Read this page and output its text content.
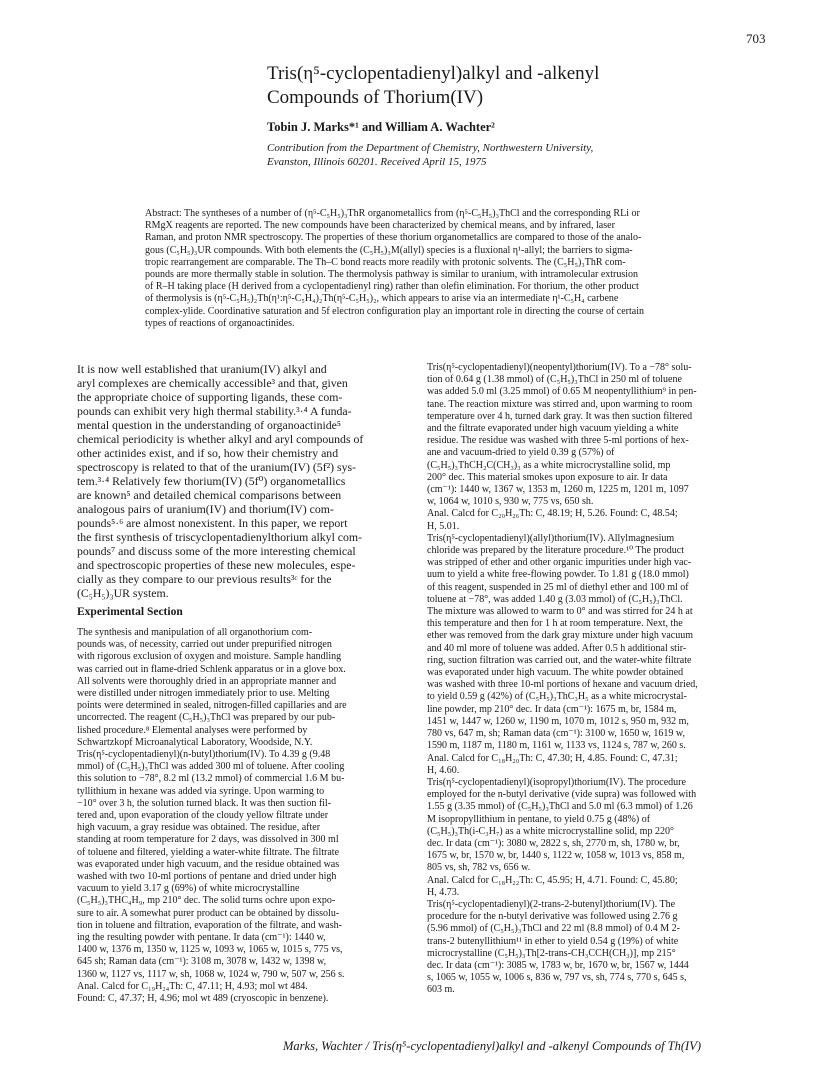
703
Tris(η⁵-cyclopentadienyl)alkyl and -alkenyl
Compounds of Thorium(IV)
Tobin J. Marks*¹ and William A. Wachter²
Contribution from the Department of Chemistry, Northwestern University,
Evanston, Illinois 60201. Received April 15, 1975
Abstract: The syntheses of a number of (η⁵-C₅H₅)₃ThR organometallics from (η⁵-C₅H₅)₃ThCl and the corresponding RLi or
RMgX reagents are reported. The new compounds have been characterized by chemical means, and by infrared, laser
Raman, and proton NMR spectroscopy. The properties of these thorium organometallics are compared to those of the analo-
gous (C₅H₅)₃UR compounds. With both elements the (C₅H₅)₃M(allyl) species is a fluxional η¹-allyl; the barriers to sigma-
tropic rearrangement are comparable. The Th–C bond reacts more readily with protonic solvents. The (C₅H₅)₃ThR com-
pounds are more thermally stable in solution. The thermolysis pathway is similar to uranium, with intramolecular extrusion
of R–H taking place (H derived from a cyclopentadienyl ring) rather than olefin elimination. For thorium, the other product
of thermolysis is (η⁵-C₅H₅)₂Th(η¹:η⁵-C₅H₄)₂Th(η⁵-C₅H₅)₂, which appears to arise via an intermediate η¹-C₅H₄ carbene
complex-ylide. Coordinative saturation and 5f electron configuration play an important role in directing the course of certain
types of reactions of organoactinides.
It is now well established that uranium(IV) alkyl and
aryl complexes are chemically accessible³ and that, given
the appropriate choice of supporting ligands, these com-
pounds can exhibit very high thermal stability.³·⁴ A funda-
mental question in the understanding of organoactinide⁵
chemical periodicity is whether alkyl and aryl compounds of
other actinides exist, and if so, how their chemistry and
spectroscopy is related to that of the uranium(IV) (5f²) sys-
tem.³·⁴ Relatively few thorium(IV) (5f⁰) organometallics
are known⁵ and detailed chemical comparisons between
analogous pairs of uranium(IV) and thorium(IV) com-
pounds⁵·⁶ are almost nonexistent. In this paper, we report
the first synthesis of triscyclopentadienylthorium alkyl com-
pounds⁷ and discuss some of the more interesting chemical
and spectroscopic properties of these new molecules, espe-
cially as they compare to our previous results³ᶜ for the
(C₅H₅)₃UR system.
Experimental Section
The synthesis and manipulation of all organothorium com-
pounds was, of necessity, carried out under prepurified nitrogen
with rigorous exclusion of oxygen and moisture. Sample handling
was carried out in flame-dried Schlenk apparatus or in a glove box.
All solvents were thoroughly dried in an appropriate manner and
were distilled under nitrogen immediately prior to use. Melting
points were determined in sealed, nitrogen-filled capillaries and are
uncorrected. The reagent (C₅H₅)₃ThCl was prepared by our pub-
lished procedure.⁸ Elemental analyses were performed by
Schwartzkopf Microanalytical Laboratory, Woodside, N.Y.
Tris(η⁵-cyclopentadienyl)(n-butyl)thorium(IV). To 4.39 g (9.48
mmol) of (C₅H₅)₃ThCl was added 300 ml of toluene. After cooling
this solution to −78°, 8.2 ml (13.2 mmol) of commercial 1.6 M bu-
tyllithium in hexane was added via syringe. Upon warming to
−10° over 3 h, the solution turned black. It was then suction fil-
tered and, upon evaporation of the cloudy yellow filtrate under
high vacuum, a gray residue was obtained. The residue, after
standing at room temperature for 2 days, was dissolved in 300 ml
of toluene and filtered, yielding a water-white filtrate. The filtrate
was evaporated under high vacuum, and the residue obtained was
washed with two 10-ml portions of pentane and dried under high
vacuum to yield 3.17 g (69%) of white microcrystalline
(C₅H₅)₃THC₄H₉, mp 210° dec. The solid turns ochre upon expo-
sure to air. A somewhat purer product can be obtained by dissolu-
tion in toluene and filtration, evaporation of the filtrate, and wash-
ing the resulting powder with pentane. Ir data (cm⁻¹): 1440 w,
1400 w, 1376 m, 1350 w, 1125 w, 1093 w, 1065 w, 1015 s, 775 vs,
645 sh; Raman data (cm⁻¹): 3108 m, 3078 w, 1432 w, 1398 w,
1360 w, 1127 vs, 1117 w, sh, 1068 w, 1024 w, 790 w, 507 w, 256 s.
Anal. Calcd for C₁₉H₂₄Th: C, 47.11; H, 4.93; mol wt 484.
Found: C, 47.37; H, 4.96; mol wt 489 (cryoscopic in benzene).
Tris(η⁵-cyclopentadienyl)(neopentyl)thorium(IV). To a −78° solu-
tion of 0.64 g (1.38 mmol) of (C₅H₅)₃ThCl in 250 ml of toluene
was added 5.0 ml (3.25 mmol) of 0.65 M neopentyllithium⁹ in pen-
tane. The reaction mixture was stirred and, upon warming to room
temperature over 4 h, turned dark gray. It was then suction filtered
and the filtrate evaporated under high vacuum yielding a white
residue. The residue was washed with three 5-ml portions of hex-
ane and vacuum-dried to yield 0.39 g (57%) of
(C₅H₅)₃ThCH₂C(CH₃)₃ as a white microcrystalline solid, mp
200° dec. This material smokes upon exposure to air. Ir data
(cm⁻¹): 1440 w, 1367 w, 1353 m, 1260 m, 1225 m, 1201 m, 1097
w, 1064 w, 1010 s, 930 w, 775 vs, 650 sh.
Anal. Calcd for C₂₀H₂₆Th: C, 48.19; H, 5.26. Found: C, 48.54;
H, 5.01.
Tris(η⁵-cyclopentadienyl)(allyl)thorium(IV). Allylmagnesium
chloride was prepared by the literature procedure.¹⁰ The product
was stripped of ether and other organic impurities under high vac-
uum to yield a white free-flowing powder. To 1.81 g (18.0 mmol)
of this reagent, suspended in 25 ml of diethyl ether and 100 ml of
toluene at −78°, was added 1.40 g (3.03 mmol) of (C₅H₅)₃ThCl.
The mixture was allowed to warm to 0° and was stirred for 24 h at
this temperature and then for 1 h at room temperature. Next, the
ether was removed from the dark gray mixture under high vacuum
and 40 ml more of toluene was added. After 0.5 h additional stir-
ring, suction filtration was carried out, and the water-white filtrate
was evaporated under high vacuum. The white powder obtained
was washed with three 10-ml portions of hexane and vacuum dried,
to yield 0.59 g (42%) of (C₅H₅)₃ThC₃H₅ as a white microcrystal-
line powder, mp 210° dec. Ir data (cm⁻¹): 1675 m, br, 1584 m,
1451 w, 1447 w, 1260 w, 1190 m, 1070 m, 1012 s, 950 m, 932 m,
780 vs, 647 m, sh; Raman data (cm⁻¹): 3100 w, 1650 w, 1619 w,
1590 m, 1187 m, 1180 m, 1161 w, 1133 vs, 1124 s, 787 w, 260 s.
Anal. Calcd for C₁₈H₂₀Th: C, 47.30; H, 4.85. Found: C, 47.31;
H, 4.60.
Tris(η⁵-cyclopentadienyl)(isopropyl)thorium(IV). The procedure
employed for the n-butyl derivative (vide supra) was followed with
1.55 g (3.35 mmol) of (C₅H₅)₃ThCl and 5.0 ml (6.3 mmol) of 1.26
M isopropyllithium in pentane, to yield 0.75 g (48%) of
(C₅H₅)₃Th(i-C₃H₇) as a white microcrystalline solid, mp 220°
dec. Ir data (cm⁻¹): 3080 w, 2822 s, sh, 2770 m, sh, 1780 w, br,
1675 w, br, 1570 w, br, 1440 s, 1122 w, 1058 w, 1013 vs, 858 m,
805 vs, sh, 782 vs, 656 w.
Anal. Calcd for C₁₈H₂₂Th: C, 45.95; H, 4.71. Found: C, 45.80;
H, 4.73.
Tris(η⁵-cyclopentadienyl)(2-trans-2-butenyl)thorium(IV). The
procedure for the n-butyl derivative was followed using 2.76 g
(5.96 mmol) of (C₅H₅)₃ThCl and 22 ml (8.8 mmol) of 0.4 M 2-
trans-2 butenyllithium¹¹ in ether to yield 0.54 g (19%) of white
microcrystalline (C₅H₅)₃Th[2-trans-CH₃CCH(CH₃)], mp 215°
dec. Ir data (cm⁻¹): 3085 w, 1783 w, br, 1670 w, br, 1567 w, 1444
s, 1065 w, 1055 w, 1006 s, 836 w, 797 vs, sh, 774 s, 770 s, 645 s,
603 m.
Marks, Wachter / Tris(η⁵-cyclopentadienyl)alkyl and -alkenyl Compounds of Th(IV)
